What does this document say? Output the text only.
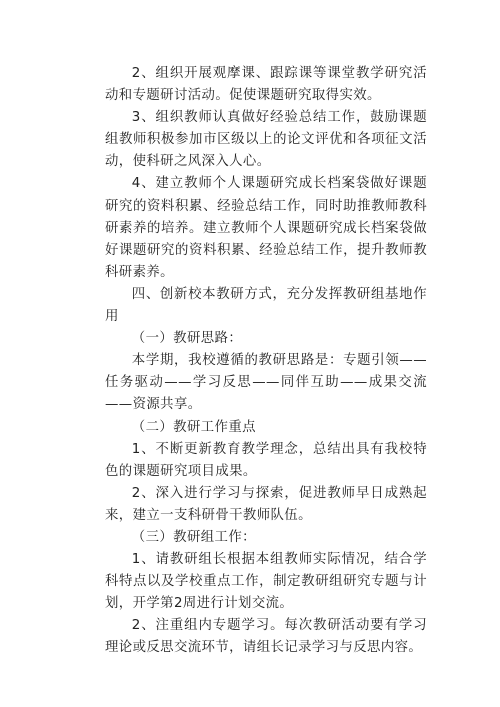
2、组织开展观摩课、跟踪课等课堂教学研究活动和专题研讨活动。促使课题研究取得实效。

3、组织教师认真做好经验总结工作，鼓励课题组教师积极参加市区级以上的论文评优和各项征文活动，使科研之风深入人心。

4、建立教师个人课题研究成长档案袋做好课题研究的资料积累、经验总结工作，同时助推教师教科研素养的培养。建立教师个人课题研究成长档案袋做好课题研究的资料积累、经验总结工作，提升教师教科研素养。

四、创新校本教研方式，充分发挥教研组基地作用

（一）教研思路：

本学期，我校遵循的教研思路是：专题引领——任务驱动——学习反思——同伴互助——成果交流——资源共享。

（二）教研工作重点

1、不断更新教育教学理念，总结出具有我校特色的课题研究项目成果。

2、深入进行学习与探索，促进教师早日成熟起来，建立一支科研骨干教师队伍。

（三）教研组工作：

1、请教研组长根据本组教师实际情况，结合学科特点以及学校重点工作，制定教研组研究专题与计划，开学第2周进行计划交流。

2、注重组内专题学习。每次教研活动要有学习理论或反思交流环节，请组长记录学习与反思内容。
